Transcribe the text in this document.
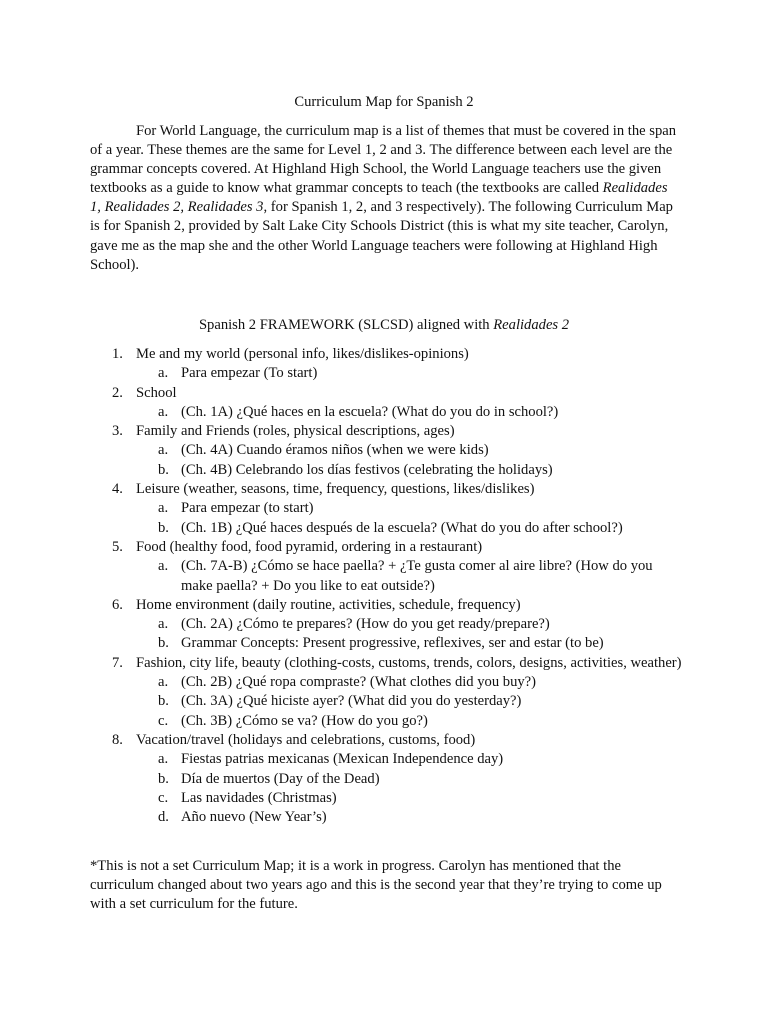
Curriculum Map for Spanish 2

For World Language, the curriculum map is a list of themes that must be covered in the span of a year. These themes are the same for Level 1, 2 and 3. The difference between each level are the grammar concepts covered. At Highland High School, the World Language teachers use the given textbooks as a guide to know what grammar concepts to teach (the textbooks are called Realidades 1, Realidades 2, Realidades 3, for Spanish 1, 2, and 3 respectively). The following Curriculum Map is for Spanish 2, provided by Salt Lake City Schools District (this is what my site teacher, Carolyn, gave me as the map she and the other World Language teachers were following at Highland High School).

Spanish 2 FRAMEWORK (SLCSD) aligned with Realidades 2
1. Me and my world (personal info, likes/dislikes-opinions)
a. Para empezar (To start)
2. School
a. (Ch. 1A) ¿Qué haces en la escuela? (What do you do in school?)
3. Family and Friends (roles, physical descriptions, ages)
a. (Ch. 4A) Cuando éramos niños (when we were kids)
b. (Ch. 4B) Celebrando los días festivos (celebrating the holidays)
4. Leisure (weather, seasons, time, frequency, questions, likes/dislikes)
a. Para empezar (to start)
b. (Ch. 1B) ¿Qué haces después de la escuela? (What do you do after school?)
5. Food (healthy food, food pyramid, ordering in a restaurant)
a. (Ch. 7A-B) ¿Cómo se hace paella? + ¿Te gusta comer al aire libre? (How do you make paella? + Do you like to eat outside?)
6. Home environment (daily routine, activities, schedule, frequency)
a. (Ch. 2A) ¿Cómo te prepares? (How do you get ready/prepare?)
b. Grammar Concepts: Present progressive, reflexives, ser and estar (to be)
7. Fashion, city life, beauty (clothing-costs, customs, trends, colors, designs, activities, weather)
a. (Ch. 2B) ¿Qué ropa compraste? (What clothes did you buy?)
b. (Ch. 3A) ¿Qué hiciste ayer? (What did you do yesterday?)
c. (Ch. 3B) ¿Cómo se va? (How do you go?)
8. Vacation/travel (holidays and celebrations, customs, food)
a. Fiestas patrias mexicanas (Mexican Independence day)
b. Día de muertos (Day of the Dead)
c. Las navidades (Christmas)
d. Año nuevo (New Year’s)

*This is not a set Curriculum Map; it is a work in progress. Carolyn has mentioned that the curriculum changed about two years ago and this is the second year that they’re trying to come up with a set curriculum for the future.
